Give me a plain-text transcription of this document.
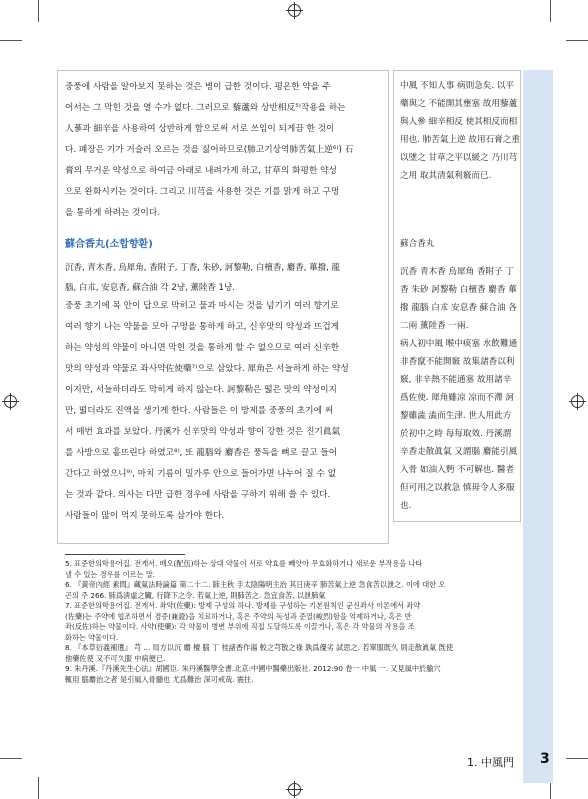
중풍에 사람을 알아보지 못하는 것은 병이 급한 것이다. 평온한 약을 주
어서는 그 막힌 것을 열 수가 없다. 그러므로 藜蘆와 상반相反⁵⁾작용을 하는
人蔘과 細辛을 사용하여 상반하게 함으로써 서로 쓰임이 되게끔 한 것이
다. 폐장은 기가 거슬러 오르는 것을 싫어하므로(肺고기상역肺苦氣上逆⁶⁾) 石
膏의 무거운 약성으로 하여금 아래로 내려가게 하고, 甘草의 화평한 약성
으로 완화시키는 것이다. 그리고 川芎을 사용한 것은 기를 맑게 하고 구멍
을 통하게 하려는 것이다.
蘇合香丸(소합향환)
沉香, 青木香, 烏犀角, 香附子, 丁香, 朱砂, 訶黎勒, 白檀香, 麝香, 蓽撥, 龍
腦, 白朮, 安息香, 蘇合油 각 2냥, 薰陸香 1냥.
중풍 초기에 목 안이 답으로 막히고 물과 마시는 것을 넘기기 여러 향기로
여러 향기 나는 약물을 모아 구멍을 통하게 하고, 신辛맛의 약성과 뜨겁게
하는 약성의 약물이 아니면 막힌 것을 통하게 할 수 없으므로 여러 신辛한
맛의 약성과 약물로 좌사약佐使藥⁷⁾으로 삼았다. 犀角은 서늘하게 하는 약성
이지만, 서늘하더라도 막히게 하지 않는다. 訶黎勒은 떫은 맛의 약성이지
만, 떫더라도 진액을 생기게 한다. 사람들은 이 방제를 중풍의 초기에 써
서 매번 효과를 보았다. 丹溪가 신辛맛의 약성과 향이 강한 것은 진기眞氣
를 사방으로 흩뜨린다 하였고⁸⁾, 또 龍腦와 麝香은 풍독을 뼈로 끌고 들어
간다고 하였으니⁹⁾, 마치 기름이 밀가루 안으로 들어가면 나누어 질 수 없
는 것과 같다. 의사는 다만 급한 경우에 사람을 구하기 위해 쓸 수 있다.
사람들이 많이 먹지 못하도록 삼가야 한다.
中風 不知人事 病則急矣. 以平
藥與之 不能開其壅塞 故用藜蘆
與人參 細辛相反 使其相反而相
用也. 肺苦氣上逆 故用石膏之重
以墜之 甘草之平以緩之 乃川芎
之用 取其清氣利竅而已.
蘇合香丸
沉香 青木香 烏犀角 香附子 丁
香 朱砂 訶黎勒 白檀香 麝香 蓽
撥 龍腦 白朮 安息香 蘇合油 各
二兩 薰陸香 一兩.
病人初中風 喉中痰塞 水飲難通
非香竄不能開竅 故集諸香以利
竅, 非辛熱不能通塞 故用諸辛
爲佐使. 犀角雖凉 凉而不滯 訶
黎雖澁 澁而生津. 世人用此方
於初中之時 每每取效. 丹溪謂
辛香走散眞氣 又謂腦 麝能引風
入骨 如油入麪 不可解也. 醫者
但可用之以救急 慎毋令人多服
也.
5. 표준한의학용어집. 전게서. 배오(配伍)하는 상대 약물이 서로 약효를 빼앗아 무효화하거나 새로운 부작용을 나타
낼 수 있는 경우를 이르는 말.
6. 『黃帝內經 素問』藏氣法時論篇 第二十二. 肺主秋 手太陰陽明主治 其日庚辛 肺苦氣上逆 急食苦以泄之. 이에 대한 오
곤의 주 266. 肺爲淸虛之臟, 行降下之令. 若氣上逆, 則肺苦之. 急宜食苦, 以泄肺氣
7. 표준한의학용어집. 전게서. 좌약(佐藥): 방제 구성의 하나. 방제를 구성하는 기본원칙인 군신좌사 이론에서 좌약
(佐藥)는 주약에 협조하면서 겸증(兼證)을 치료하거나, 혹은 주약의 독성과 준열(峻烈)함을 억제하거나, 혹은 반
좌(反佐)하는 약물이다. 사약(使藥): 각 약물이 병변 부위에 직접 도달하도록 이끌거나, 혹은 각 약물의 작용을 조
화하는 약물이다.
8. 『本草衍義補遺』 芎 ... 局方以沉 麝 檀 腦 丁 桂諸香作湯 較之芎散之祿 孰爲優劣 試思之. 若單服既久 則走散眞氣 旣使
他藥佐使 又不可久服 中病便已.
9. 朱丹溪.『丹溪先生心法』胡國臣. 朱丹溪醫學全書.北京:中國中醫藥出版社. 2012:90 卷一 中風 一. 又見風中於腧穴
輒用 腦麝治之者 是引風入骨髓也 尤爲難治 深可戒哉. 震拄.
1. 中風門 3
